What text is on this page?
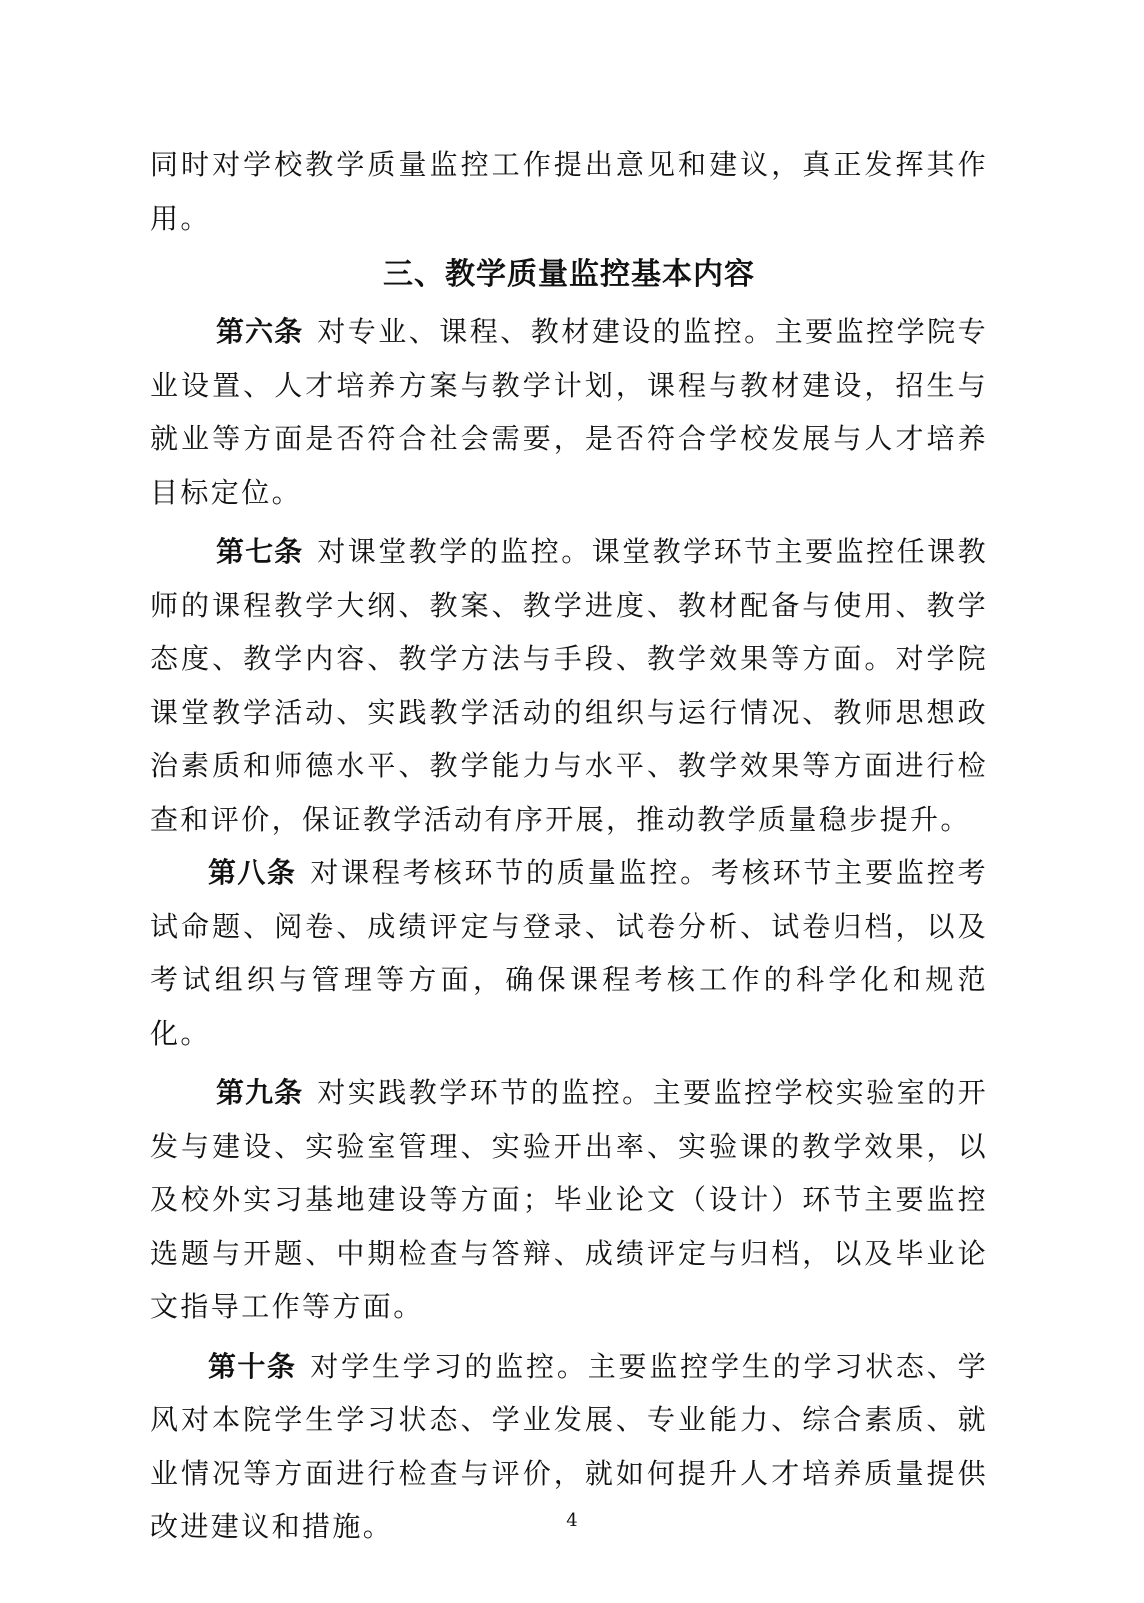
同时对学校教学质量监控工作提出意见和建议，真正发挥其作用。

三、教学质量监控基本内容

第六条 对专业、课程、教材建设的监控。主要监控学院专业设置、人才培养方案与教学计划，课程与教材建设，招生与就业等方面是否符合社会需要，是否符合学校发展与人才培养目标定位。

第七条 对课堂教学的监控。课堂教学环节主要监控任课教师的课程教学大纲、教案、教学进度、教材配备与使用、教学态度、教学内容、教学方法与手段、教学效果等方面。对学院课堂教学活动、实践教学活动的组织与运行情况、教师思想政治素质和师德水平、教学能力与水平、教学效果等方面进行检查和评价，保证教学活动有序开展，推动教学质量稳步提升。

第八条 对课程考核环节的质量监控。考核环节主要监控考试命题、阅卷、成绩评定与登录、试卷分析、试卷归档，以及考试组织与管理等方面，确保课程考核工作的科学化和规范化。

第九条 对实践教学环节的监控。主要监控学校实验室的开发与建设、实验室管理、实验开出率、实验课的教学效果，以及校外实习基地建设等方面；毕业论文（设计）环节主要监控选题与开题、中期检查与答辩、成绩评定与归档，以及毕业论文指导工作等方面。

第十条 对学生学习的监控。主要监控学生的学习状态、学风对本院学生学习状态、学业发展、专业能力、综合素质、就业情况等方面进行检查与评价，就如何提升人才培养质量提供改进建议和措施。	4
